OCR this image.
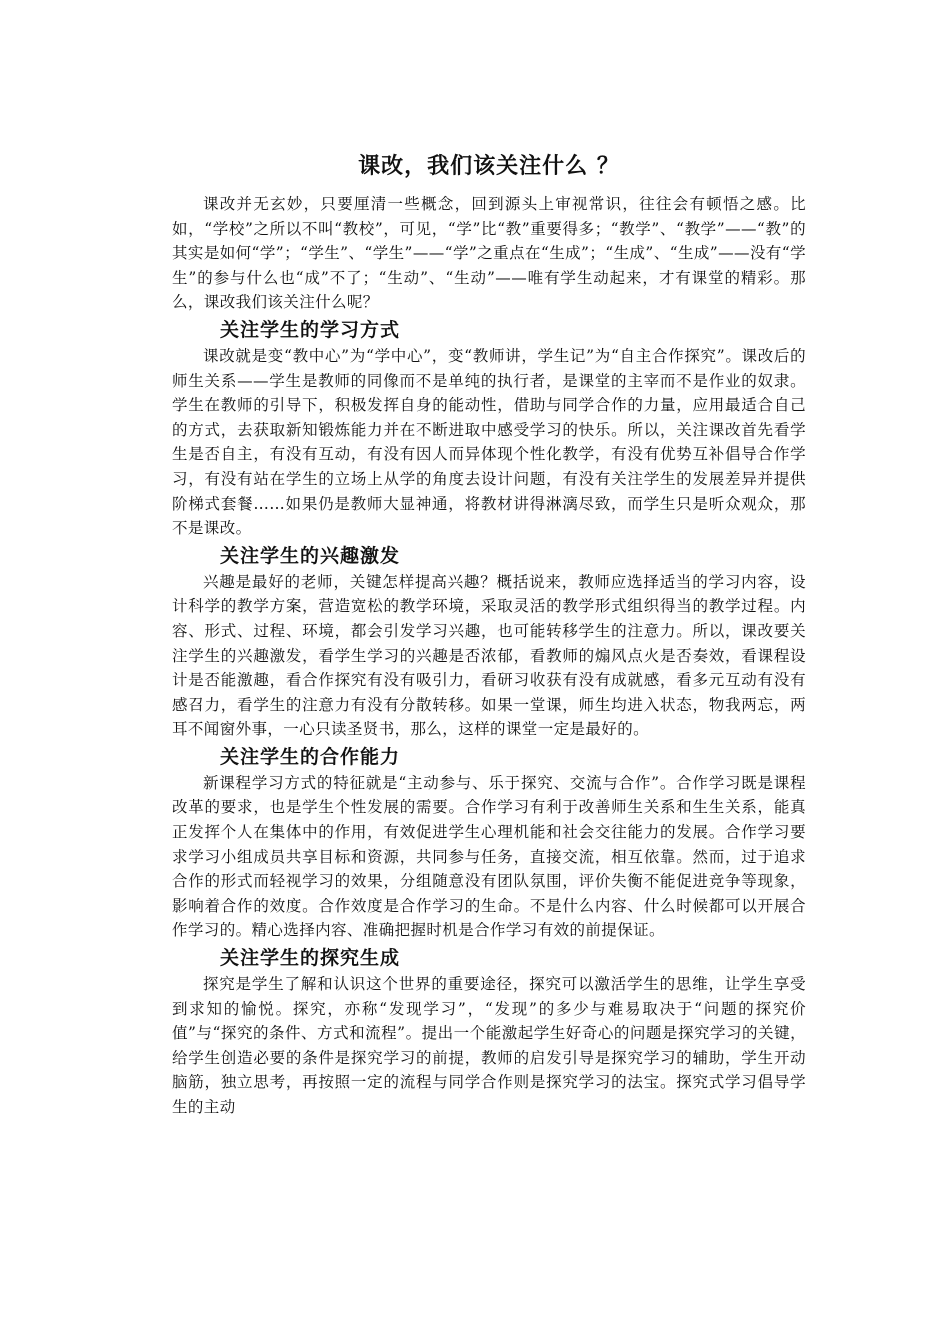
课改，我们该关注什么 ？

课改并无玄妙，只要厘清一些概念，回到源头上审视常识，往往会有顿悟之感。比如，“学校”之所以不叫“教校”，可见，“学”比“教”重要得多；“教学”、“教学”——“教”的其实是如何“学”；“学生”、“学生”——“学”之重点在“生成”；“生成”、“生成”——没有“学生”的参与什么也“成”不了；“生动”、“生动”——唯有学生动起来，才有课堂的精彩。那么，课改我们该关注什么呢？

关注学生的学习方式

课改就是变“教中心”为“学中心”，变“教师讲，学生记”为“自主合作探究”。课改后的师生关系——学生是教师的同像而不是单纯的执行者，是课堂的主宰而不是作业的奴隶。学生在教师的引导下，积极发挥自身的能动性，借助与同学合作的力量，应用最适合自己的方式，去获取新知锻炼能力并在不断进取中感受学习的快乐。所以，关注课改首先看学生是否自主，有没有互动，有没有因人而异体现个性化教学，有没有优势互补倡导合作学习，有没有站在学生的立场上从学的角度去设计问题，有没有关注学生的发展差异并提供阶梯式套餐……如果仍是教师大显神通，将教材讲得淋漓尽致，而学生只是听众观众，那不是课改。

关注学生的兴趣激发

兴趣是最好的老师，关键怎样提高兴趣？概括说来，教师应选择适当的学习内容，设计科学的教学方案，营造宽松的教学环境，采取灵活的教学形式组织得当的教学过程。内容、形式、过程、环境，都会引发学习兴趣，也可能转移学生的注意力。所以，课改要关注学生的兴趣激发，看学生学习的兴趣是否浓郁，看教师的煽风点火是否奏效，看课程设计是否能激趣，看合作探究有没有吸引力，看研习收获有没有成就感，看多元互动有没有感召力，看学生的注意力有没有分散转移。如果一堂课，师生均进入状态，物我两忘，两耳不闻窗外事，一心只读圣贤书，那么，这样的课堂一定是最好的。

关注学生的合作能力

新课程学习方式的特征就是“主动参与、乐于探究、交流与合作”。合作学习既是课程改革的要求，也是学生个性发展的需要。合作学习有利于改善师生关系和生生关系，能真正发挥个人在集体中的作用，有效促进学生心理机能和社会交往能力的发展。合作学习要求学习小组成员共享目标和资源，共同参与任务，直接交流，相互依靠。然而，过于追求合作的形式而轻视学习的效果，分组随意没有团队氛围，评价失衡不能促进竞争等现象，影响着合作的效度。合作效度是合作学习的生命。不是什么内容、什么时候都可以开展合作学习的。精心选择内容、准确把握时机是合作学习有效的前提保证。

关注学生的探究生成

探究是学生了解和认识这个世界的重要途径，探究可以激活学生的思维，让学生享受到求知的愉悦。探究，亦称“发现学习”，“发现”的多少与难易取决于“问题的探究价值”与“探究的条件、方式和流程”。提出一个能激起学生好奇心的问题是探究学习的关键，给学生创造必要的条件是探究学习的前提，教师的启发引导是探究学习的辅助，学生开动脑筋，独立思考，再按照一定的流程与同学合作则是探究学习的法宝。探究式学习倡导学生的主动
